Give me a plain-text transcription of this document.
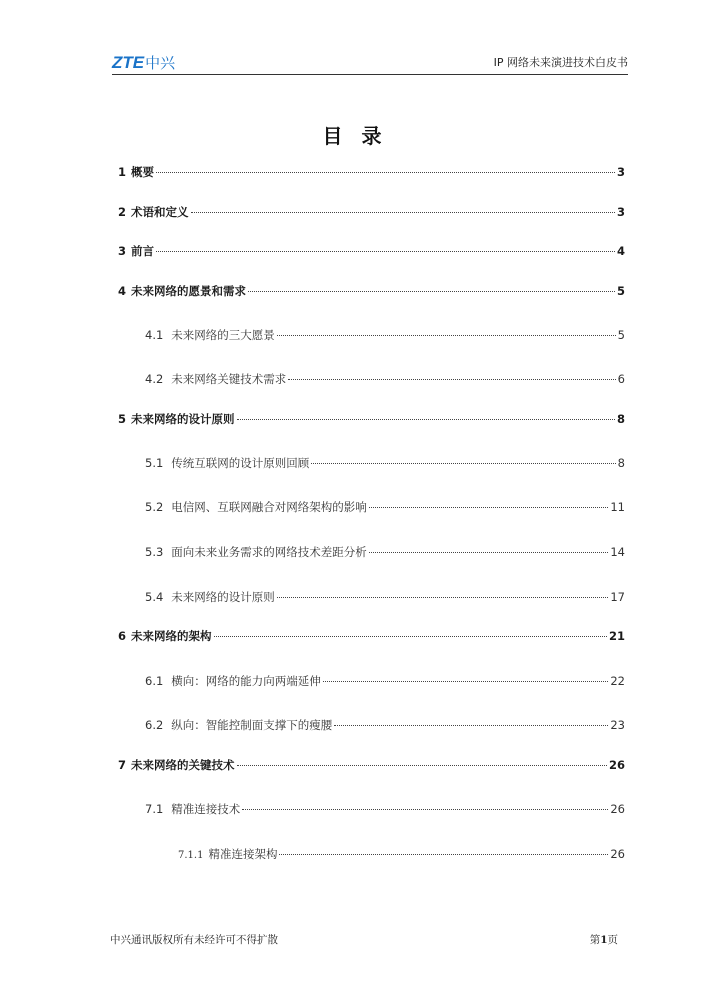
ZTE中兴	IP 网络未来演进技术白皮书
目 录
1 概要	3
2 术语和定义	3
3 前言	4
4 未来网络的愿景和需求	5
4.1 未来网络的三大愿景	5
4.2 未来网络关键技术需求	6
5 未来网络的设计原则	8
5.1 传统互联网的设计原则回顾	8
5.2 电信网、互联网融合对网络架构的影响	11
5.3 面向未来业务需求的网络技术差距分析	14
5.4 未来网络的设计原则	17
6 未来网络的架构	21
6.1 横向：网络的能力向两端延伸	22
6.2 纵向：智能控制面支撑下的瘦腰	23
7 未来网络的关键技术	26
7.1 精准连接技术	26
7.1.1 精准连接架构	26
中兴通讯版权所有未经许可不得扩散	第1页
